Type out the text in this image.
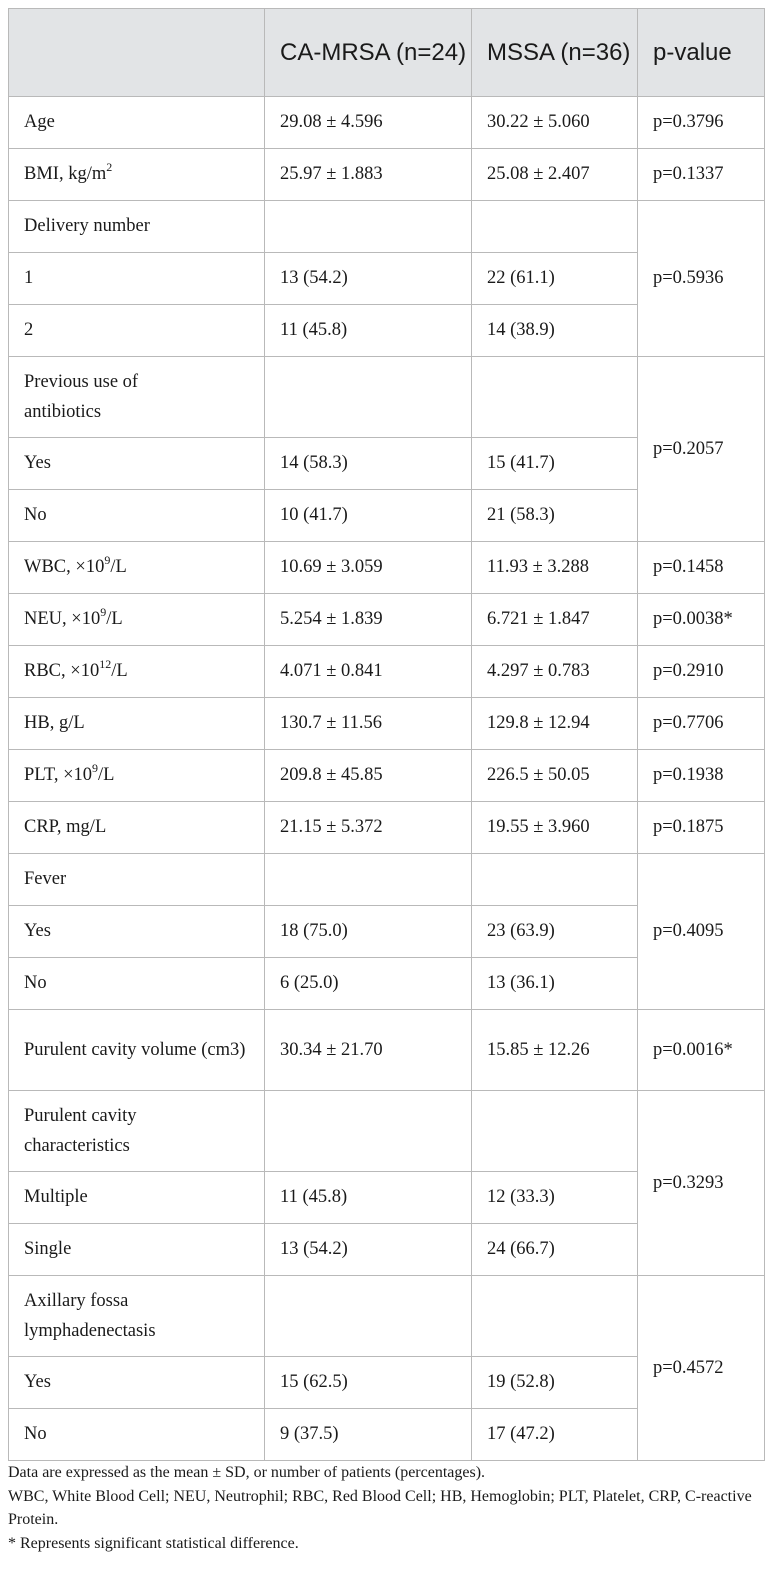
	CA-MRSA (n=24)	MSSA (n=36)	p-value
Age	29.08 ± 4.596	30.22 ± 5.060	p=0.3796
BMI, $kg/m^2$	25.97 ± 1.883	25.08 ± 2.407	p=0.1337
Delivery number			p=0.5936
1	13 (54.2)	22 (61.1)	
2	11 (45.8)	14 (38.9)	

Previous use of antibiotics			p=0.2057
Yes	14 (58.3)	15 (41.7)	
No	10 (41.7)	21 (58.3)	
WBC, $\times 10^9/L$	10.69 ± 3.059	11.93 ± 3.288	p=0.1458
NEU, $\times 10^9/L$	5.254 ± 1.839	6.721 ± 1.847	p=0.0038*
RBC, $\times 10^{12}/L$	4.071 ± 0.841	4.297 ± 0.783	p=0.2910
HB, g/L	130.7 ± 11.56	129.8 ± 12.94	p=0.7706
PLT, $\times 10^9/L$	209.8 ± 45.85	226.5 ± 50.05	p=0.1938
CRP, mg/L	21.15 ± 5.372	19.55 ± 3.960	p=0.1875
Fever			p=0.4095
Yes	18 (75.0)	23 (63.9)	
No	6 (25.0)	13 (36.1)	

Purulent cavity volume (cm3)	30.34 ± 21.70	15.85 ± 12.26	p=0.0016*

Purulent cavity characteristics			p=0.3293
Multiple	11 (45.8)	12 (33.3)	
Single	13 (54.2)	24 (66.7)	

Axillary fossa lymphadenectasis			p=0.4572
Yes	15 (62.5)	19 (52.8)	
No	9 (37.5)	17 (47.2)	

Data are expressed as the mean ± SD, or number of patients (percentages).

WBC, White Blood Cell; NEU, Neutrophil; RBC, Red Blood Cell; HB, Hemoglobin; PLT, Platelet, CRP, C-reactive Protein.

* Represents significant statistical difference.
